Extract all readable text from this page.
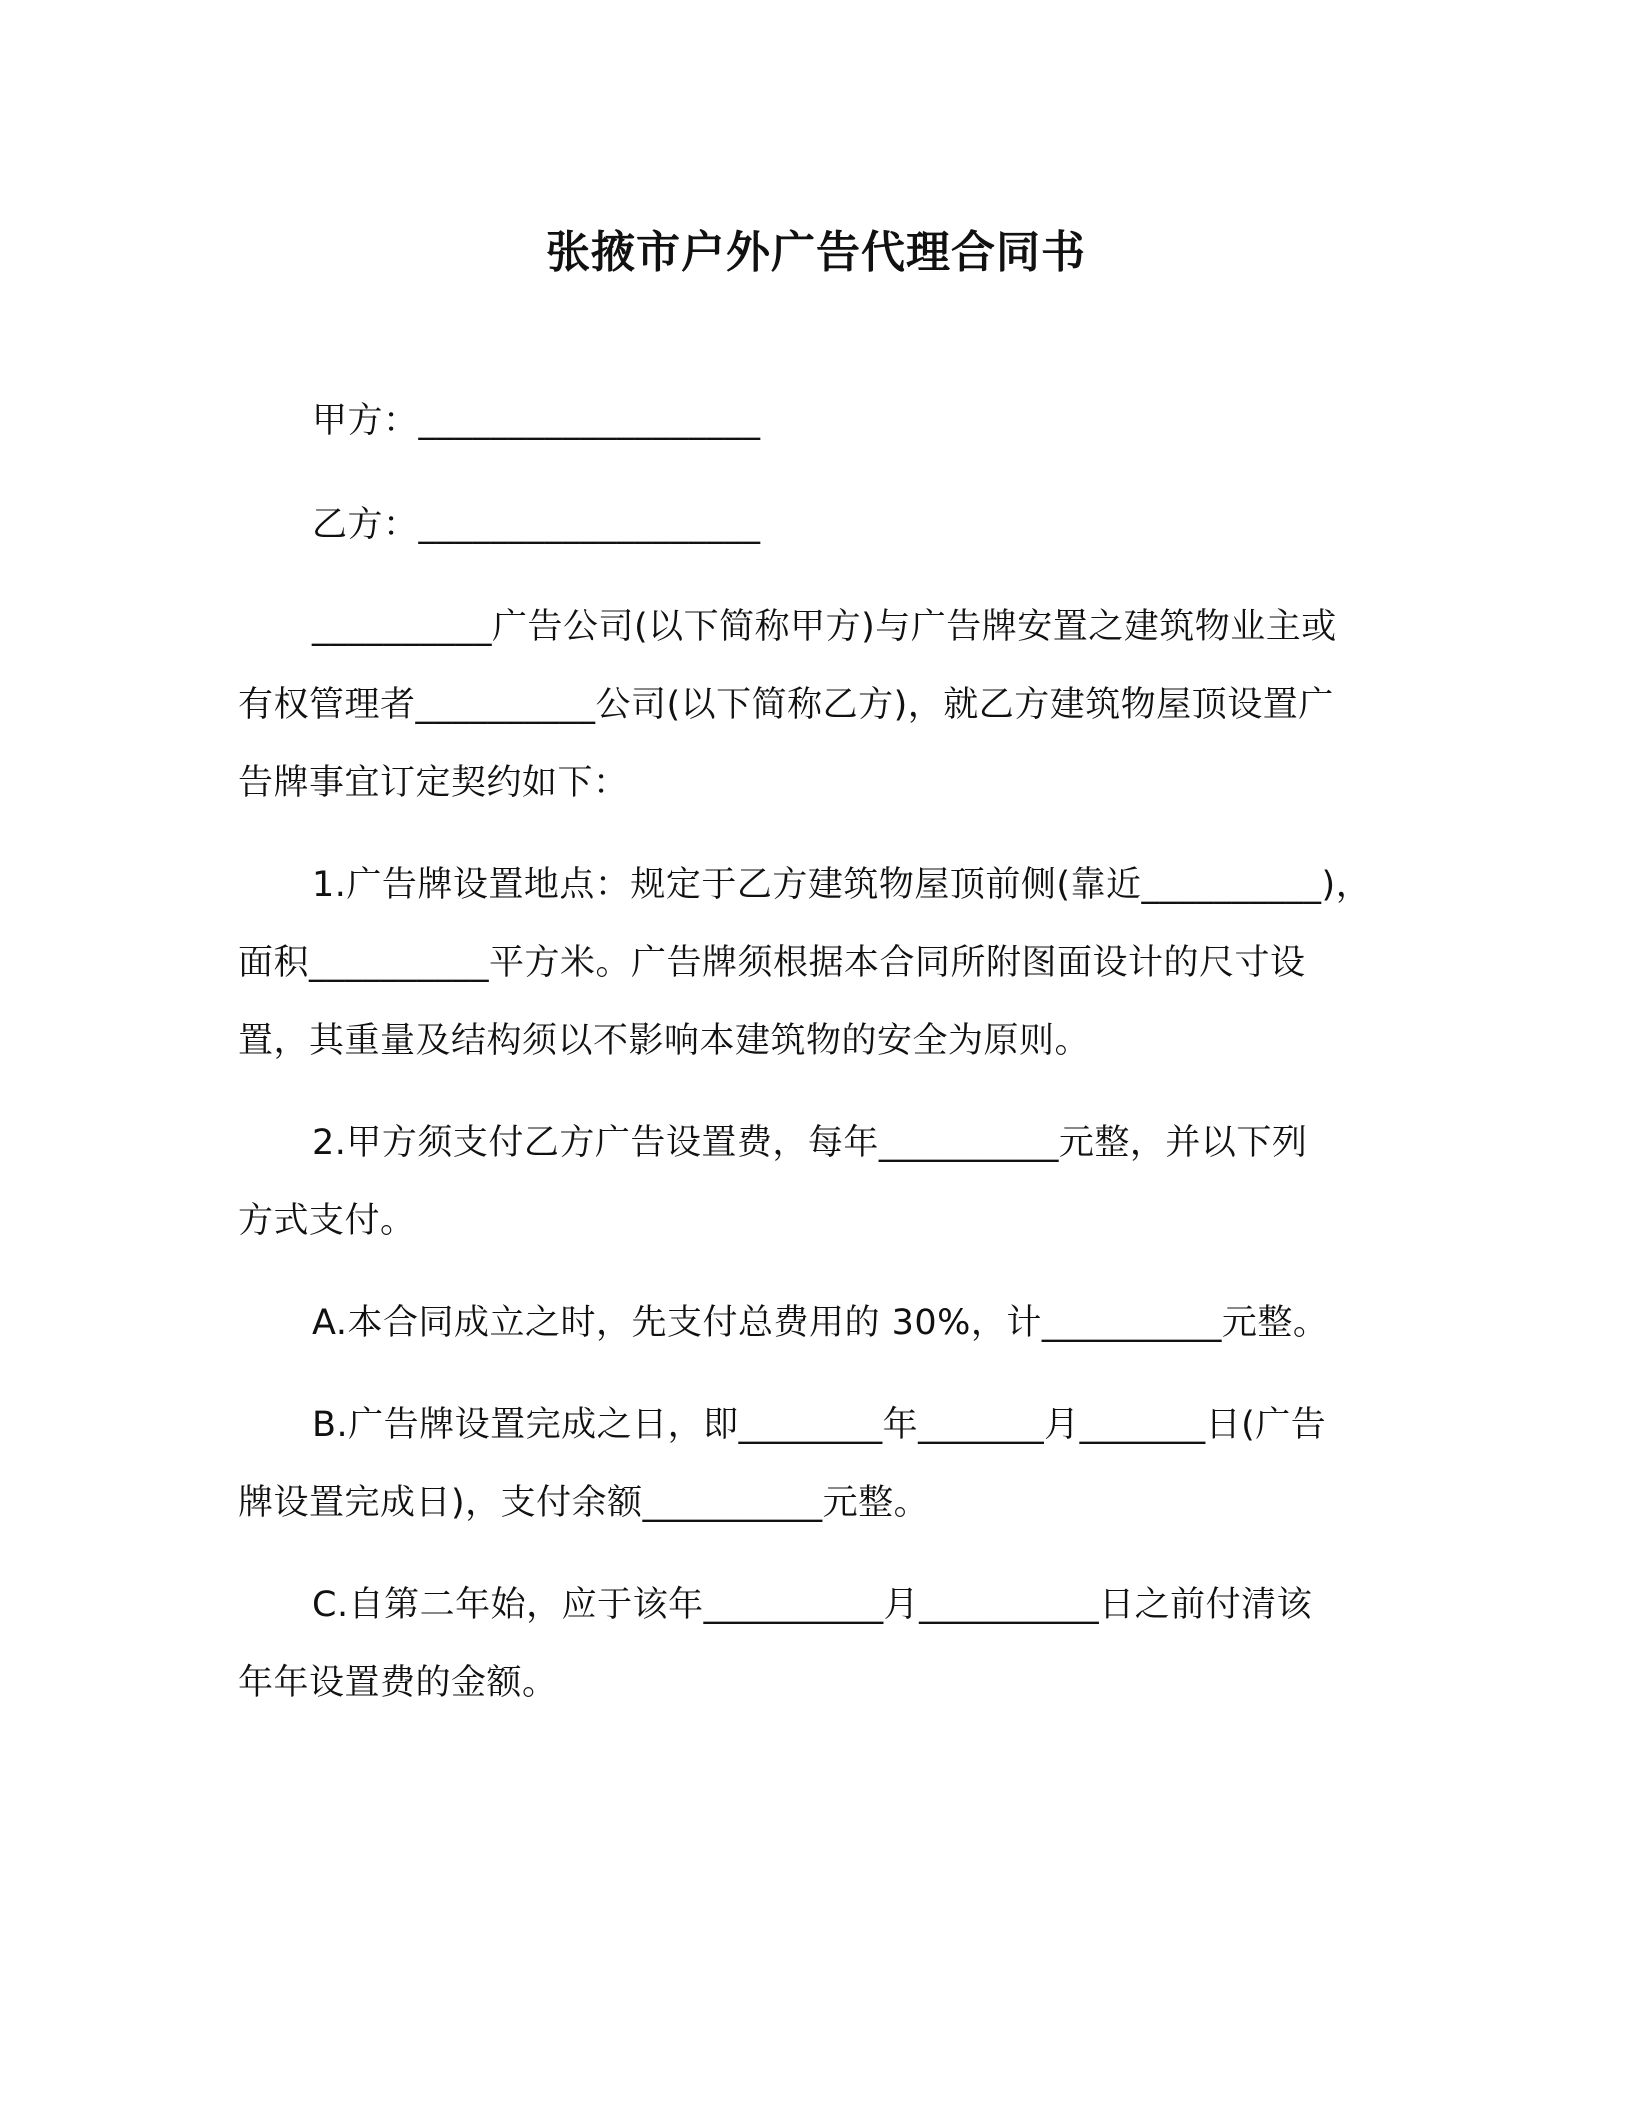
张掖市户外广告代理合同书
甲方：___________________
乙方：___________________
__________广告公司(以下简称甲方)与广告牌安置之建筑物业主或
有权管理者__________公司(以下简称乙方)，就乙方建筑物屋顶设置广
告牌事宜订定契约如下：
1.广告牌设置地点：规定于乙方建筑物屋顶前侧(靠近__________)，
面积__________平方米。广告牌须根据本合同所附图面设计的尺寸设
置，其重量及结构须以不影响本建筑物的安全为原则。
2.甲方须支付乙方广告设置费，每年__________元整，并以下列
方式支付。
A.本合同成立之时，先支付总费用的 30%，计__________元整。
B.广告牌设置完成之日，即________年_______月_______日(广告
牌设置完成日)，支付余额__________元整。
C.自第二年始，应于该年__________月__________日之前付清该
年年设置费的金额。
